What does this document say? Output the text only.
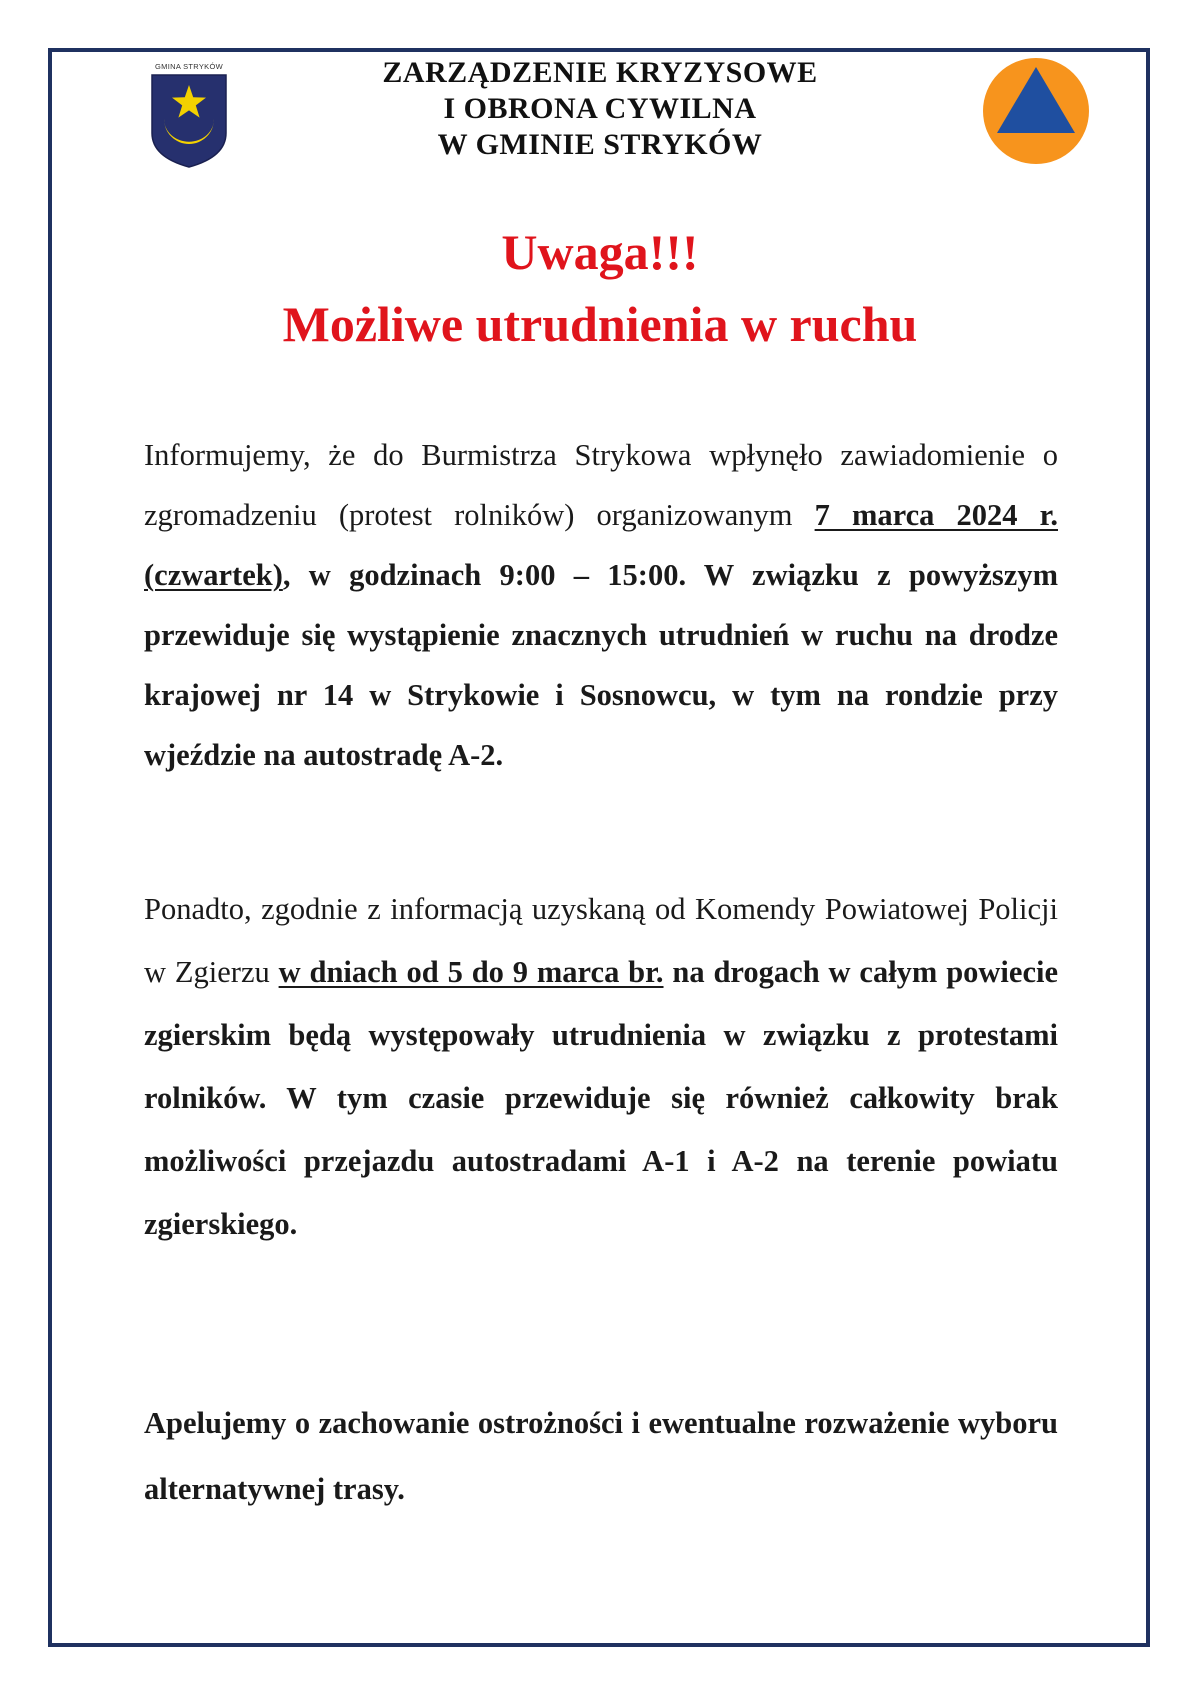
GMINA STRYKÓW	ZARZĄDZENIE KRYZYSOWE
I OBRONA CYWILNA
W GMINIE STRYKÓW
Uwaga!!!
Możliwe utrudnienia w ruchu
Informujemy, że do Burmistrza Strykowa wpłynęło zawiadomienie o zgromadzeniu (protest rolników) organizowanym 7 marca 2024 r. (czwartek), w godzinach 9:00 – 15:00. W związku z powyższym przewiduje się wystąpienie znacznych utrudnień w ruchu na drodze krajowej nr 14 w Strykowie i Sosnowcu, w tym na rondzie przy wjeździe na autostradę A-2.
Ponadto, zgodnie z informacją uzyskaną od Komendy Powiatowej Policji w Zgierzu w dniach od 5 do 9 marca br. na drogach w całym powiecie zgierskim będą występowały utrudnienia w związku z protestami rolników. W tym czasie przewiduje się również całkowity brak możliwości przejazdu autostradami A-1 i A-2 na terenie powiatu zgierskiego.
Apelujemy o zachowanie ostrożności i ewentualne rozważenie wyboru alternatywnej trasy.
